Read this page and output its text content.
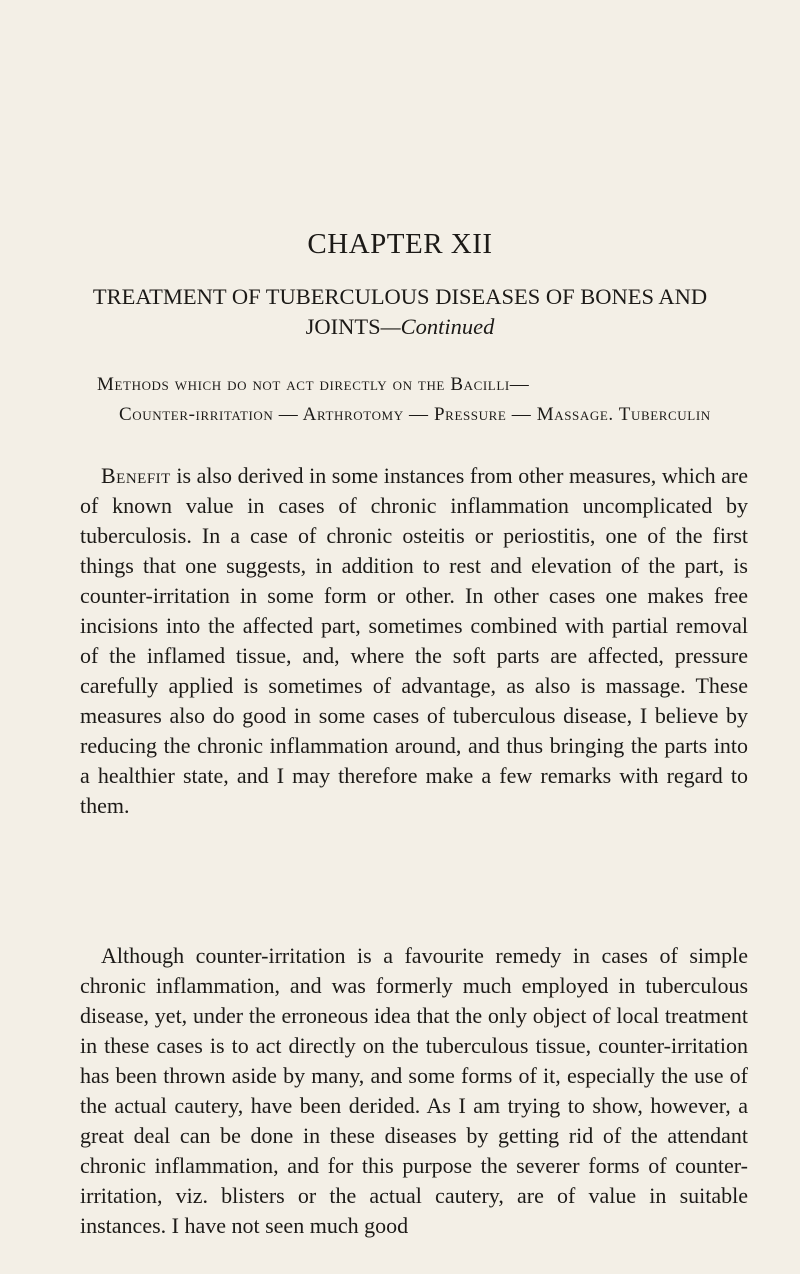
CHAPTER XII
TREATMENT OF TUBERCULOUS DISEASES OF BONES AND JOINTS—Continued
Methods which do not act directly on the Bacilli—
Counter-irritation — Arthrotomy — Pressure — Massage. Tuberculin

Benefit is also derived in some instances from other measures, which are of known value in cases of chronic inflammation uncomplicated by tuberculosis. In a case of chronic osteitis or periostitis, one of the first things that one suggests, in addition to rest and elevation of the part, is counter-irritation in some form or other. In other cases one makes free incisions into the affected part, sometimes combined with partial removal of the inflamed tissue, and, where the soft parts are affected, pressure carefully applied is sometimes of advantage, as also is massage. These measures also do good in some cases of tuberculous disease, I believe by reducing the chronic inflammation around, and thus bringing the parts into a healthier state, and I may therefore make a few remarks with regard to them.

Although counter-irritation is a favourite remedy in cases of simple chronic inflammation, and was formerly much employed in tuberculous disease, yet, under the erroneous idea that the only object of local treatment in these cases is to act directly on the tuberculous tissue, counter-irritation has been thrown aside by many, and some forms of it, especially the use of the actual cautery, have been derided. As I am trying to show, however, a great deal can be done in these diseases by getting rid of the attendant chronic inflammation, and for this purpose the severer forms of counter-irritation, viz. blisters or the actual cautery, are of value in suitable instances. I have not seen much good
